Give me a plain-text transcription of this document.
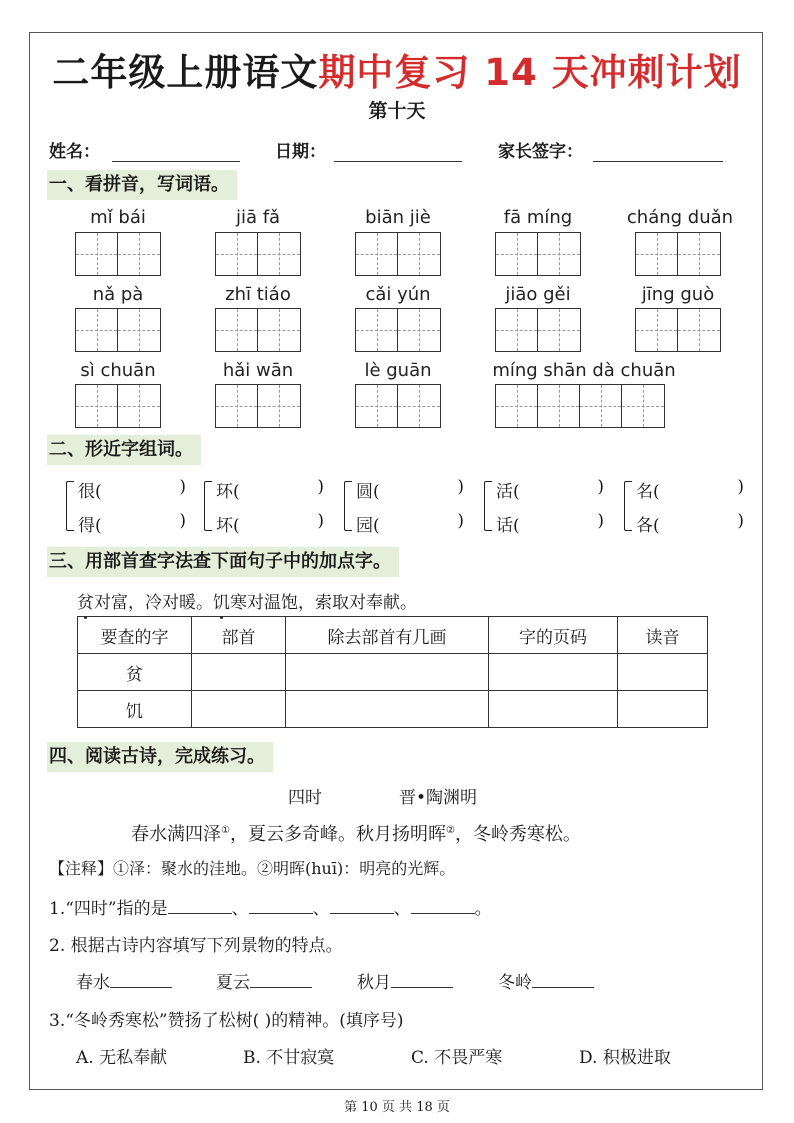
二年级上册语文期中复习 14 天冲刺计划
第十天
姓名：	日期：	家长签字：
一、看拼音，写词语。
mǐ bái	jiā fǎ	biān jiè	fā míng	cháng duǎn
nǎ pà	zhī tiáo	cǎi yún	jiāo gěi	jīng guò
sì chuān	hǎi wān	lè guān	míng shān dà chuān
二、形近字组词。
很(	)
得(	)
环(	)
坏(	)
圆(	)
园(	)
活(	)
话(	)
名(	)
各(	)
三、用部首查字法查下面句子中的加点字。
贫对富，冷对暖。饥寒对温饱，索取对奉献。
要查的字	部首	除去部首有几画	字的页码	读音
贫				
饥				
四、阅读古诗，完成练习。
四时	晋•陶渊明
春水满四泽①，夏云多奇峰。秋月扬明晖②，冬岭秀寒松。
【注释】①泽：聚水的洼地。②明晖(huī)：明亮的光辉。
1.“四时”指的是	、	、	、	。
2. 根据古诗内容填写下列景物的特点。
春水	夏云	秋月	冬岭
3.“冬岭秀寒松”赞扬了松树( )的精神。(填序号)
A. 无私奉献	B. 不甘寂寞	C. 不畏严寒	D. 积极进取
第 10 页 共 18 页
